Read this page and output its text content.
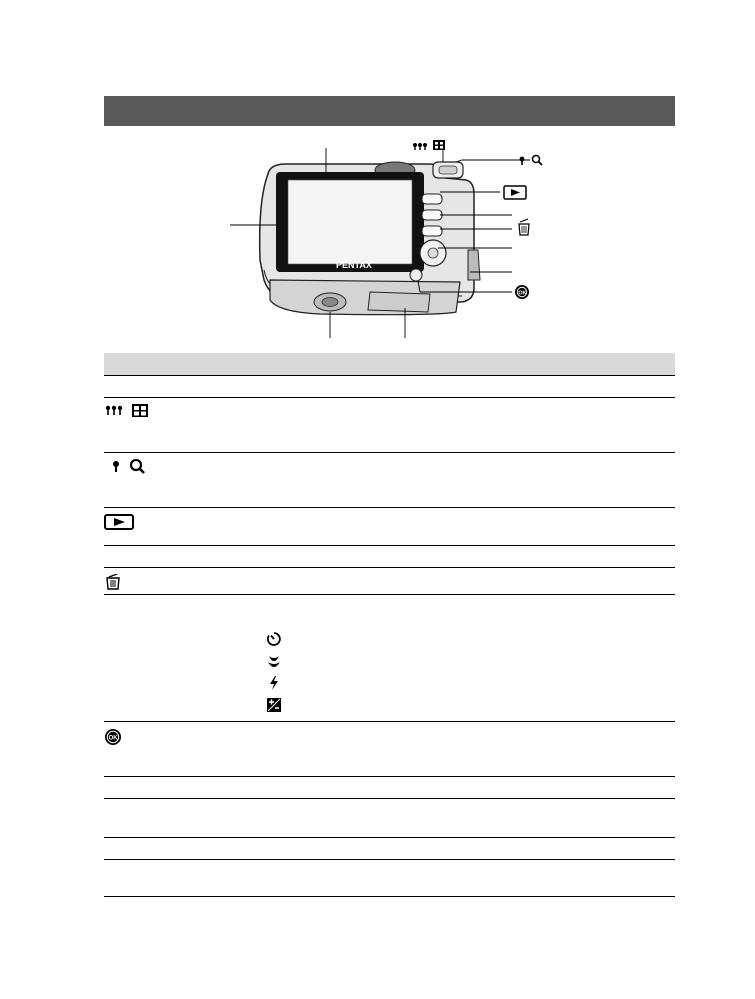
PENTAX
OK
OK
